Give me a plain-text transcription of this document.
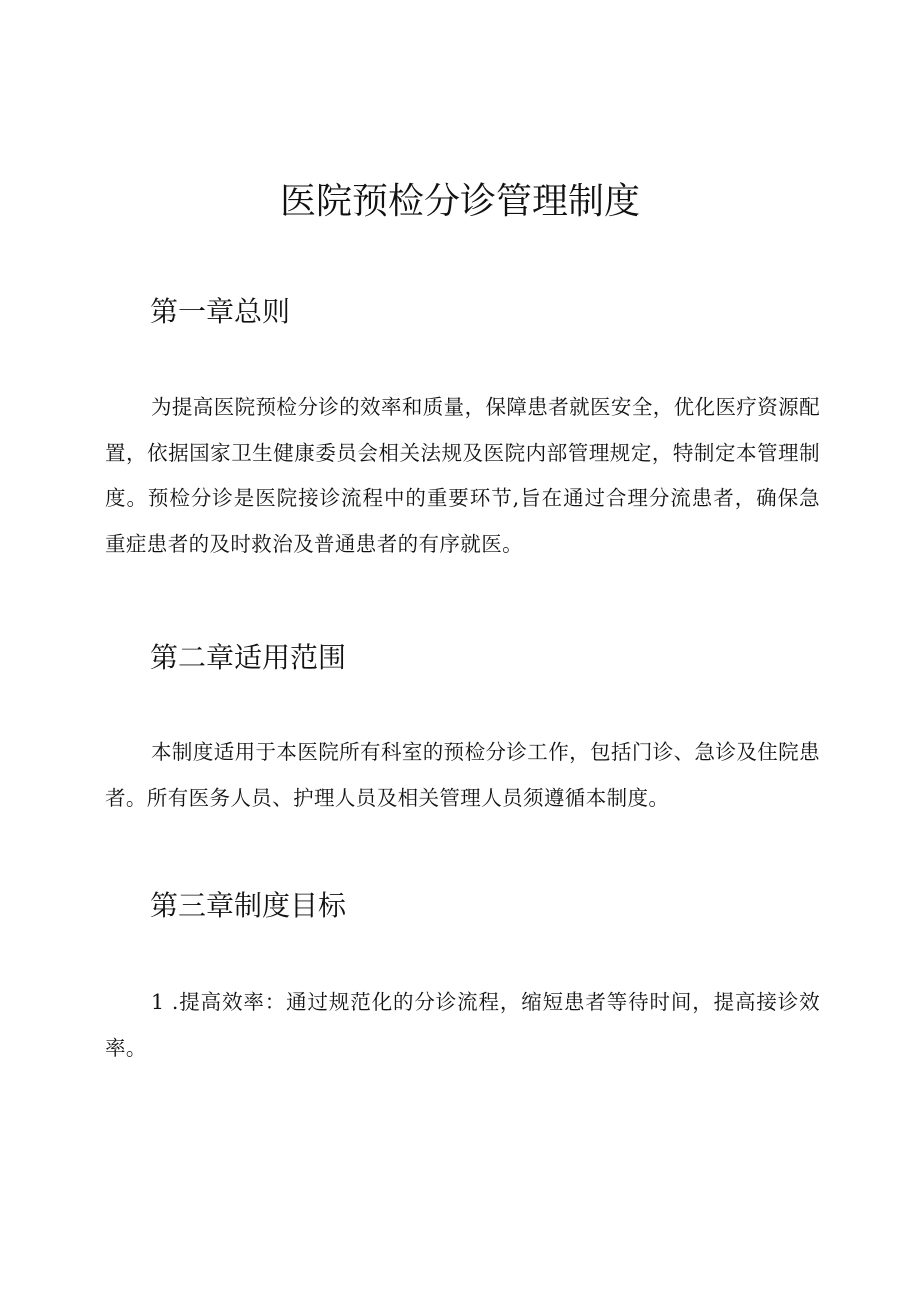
医院预检分诊管理制度
第一章总则

为提高医院预检分诊的效率和质量，保障患者就医安全，优化医疗资源配置，依据国家卫生健康委员会相关法规及医院内部管理规定，特制定本管理制度。预检分诊是医院接诊流程中的重要环节,旨在通过合理分流患者，确保急重症患者的及时救治及普通患者的有序就医。

第二章适用范围

本制度适用于本医院所有科室的预检分诊工作，包括门诊、急诊及住院患者。所有医务人员、护理人员及相关管理人员须遵循本制度。

第三章制度目标

1 .提高效率：通过规范化的分诊流程，缩短患者等待时间，提高接诊效率。
